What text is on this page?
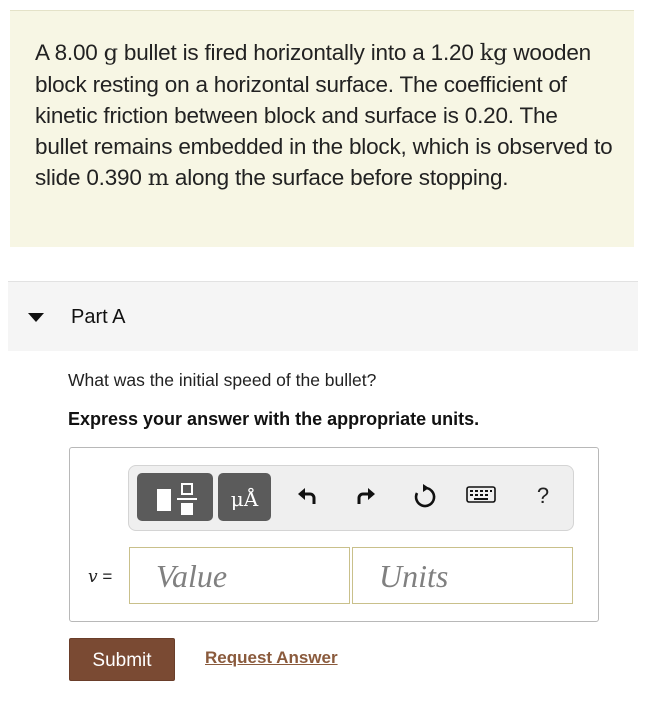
A 8.00 g bullet is fired horizontally into a 1.20 kg wooden block resting on a horizontal surface. The coefficient of kinetic friction between block and surface is 0.20. The bullet remains embedded in the block, which is observed to slide 0.390 m along the surface before stopping.
Part A
What was the initial speed of the bullet?
Express your answer with the appropriate units.
μÅ	?
v = Value	Units
Submit	Request Answer
